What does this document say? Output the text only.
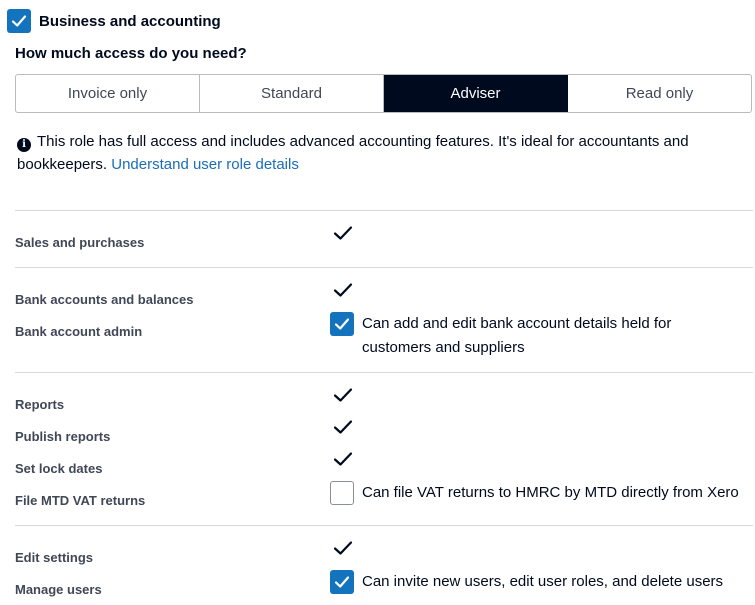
Business and accounting
How much access do you need?
Invoice only	Standard	Adviser	Read only
i This role has full access and includes advanced accounting features. It's ideal for accountants and bookkeepers. Understand user role details
Sales and purchases
Bank accounts and balances
Bank account admin	Can add and edit bank account details held for
customers and suppliers
Reports
Publish reports
Set lock dates
File MTD VAT returns	Can file VAT returns to HMRC by MTD directly from Xero
Edit settings
Manage users	Can invite new users, edit user roles, and delete users
